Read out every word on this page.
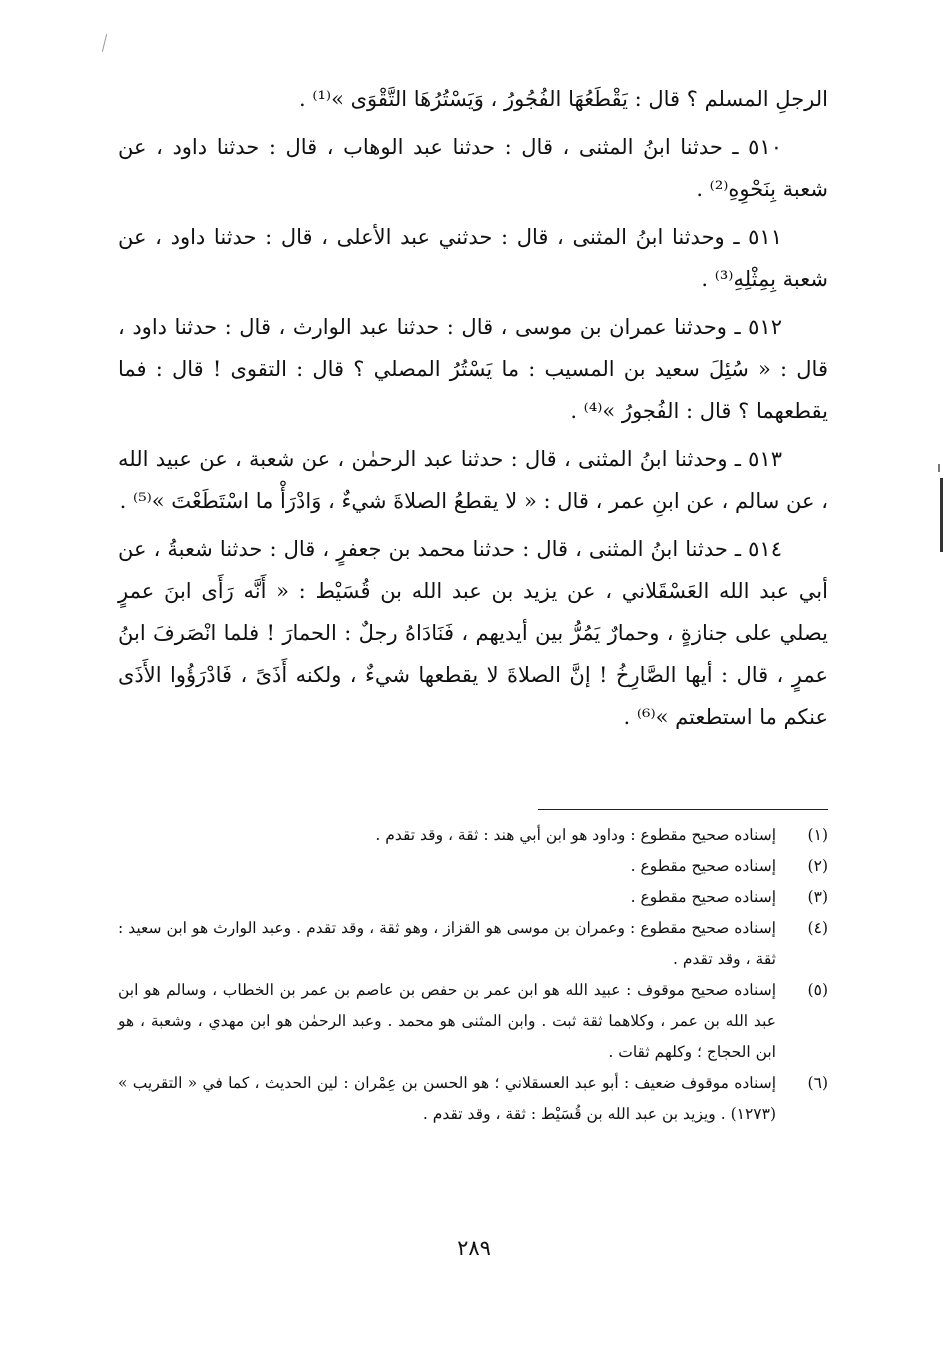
الرجلِ المسلم ؟ قال : يَقْطَعُهَا الفُجُورُ ، وَيَسْتُرُهَا التَّقْوَى »⁽¹⁾ .

٥١٠ ـ حدثنا ابنُ المثنى ، قال : حدثنا عبد الوهاب ، قال : حدثنا داود ، عن شعبة بِنَحْوِهِ⁽²⁾ .

٥١١ ـ وحدثنا ابنُ المثنى ، قال : حدثني عبد الأعلى ، قال : حدثنا داود ، عن شعبة بِمِثْلِهِ⁽³⁾ .

٥١٢ ـ وحدثنا عمران بن موسى ، قال : حدثنا عبد الوارث ، قال : حدثنا داود ، قال : « سُئِلَ سعيد بن المسيب : ما يَسْتُرُ المصلي ؟ قال : التقوى ! قال : فما يقطعهما ؟ قال : الفُجورُ »⁽⁴⁾ .

٥١٣ ـ وحدثنا ابنُ المثنى ، قال : حدثنا عبد الرحمٰن ، عن شعبة ، عن عبيد الله ، عن سالم ، عن ابنِ عمر ، قال : « لا يقطعُ الصلاةَ شيءٌ ، وَادْرَأْ ما اسْتَطَعْتَ »⁽⁵⁾ .

٥١٤ ـ حدثنا ابنُ المثنى ، قال : حدثنا محمد بن جعفرٍ ، قال : حدثنا شعبةُ ، عن أبي عبد الله العَسْقَلاني ، عن يزيد بن عبد الله بن قُسَيْط : « أَنَّه رَأَى ابنَ عمرٍ يصلي على جنازةٍ ، وحمارٌ يَمُرُّ بين أيديهم ، فَنَادَاهُ رجلٌ : الحمارَ ! فلما انْصَرفَ ابنُ عمرٍ ، قال : أيها الصَّارِخُ ! إنَّ الصلاةَ لا يقطعها شيءٌ ، ولكنه أَذَىً ، فَادْرَؤُوا الأَذَى عنكم ما استطعتم »⁽⁶⁾ .

(١)
إسناده صحيح مقطوع : وداود هو ابن أبي هند : ثقة ، وقد تقدم .
(٢)
إسناده صحيح مقطوع .
(٣)
إسناده صحيح مقطوع .
(٤)
إسناده صحيح مقطوع : وعمران بن موسى هو القزاز ، وهو ثقة ، وقد تقدم . وعبد الوارث هو ابن سعيد : ثقة ، وقد تقدم .
(٥)
إسناده صحيح موقوف : عبيد الله هو ابن عمر بن حفص بن عاصم بن عمر بن الخطاب ، وسالم هو ابن عبد الله بن عمر ، وكلاهما ثقة ثبت . وابن المثنى هو محمد . وعبد الرحمٰن هو ابن مهدي ، وشعبة ، هو ابن الحجاج ؛ وكلهم ثقات .
(٦)
إسناده موقوف ضعيف : أبو عبد العسقلاني ؛ هو الحسن بن عِمْران : لين الحديث ، كما في « التقريب » (١٢٧٣) . ويزيد بن عبد الله بن قُسَيْط : ثقة ، وقد تقدم .
٢٨٩
